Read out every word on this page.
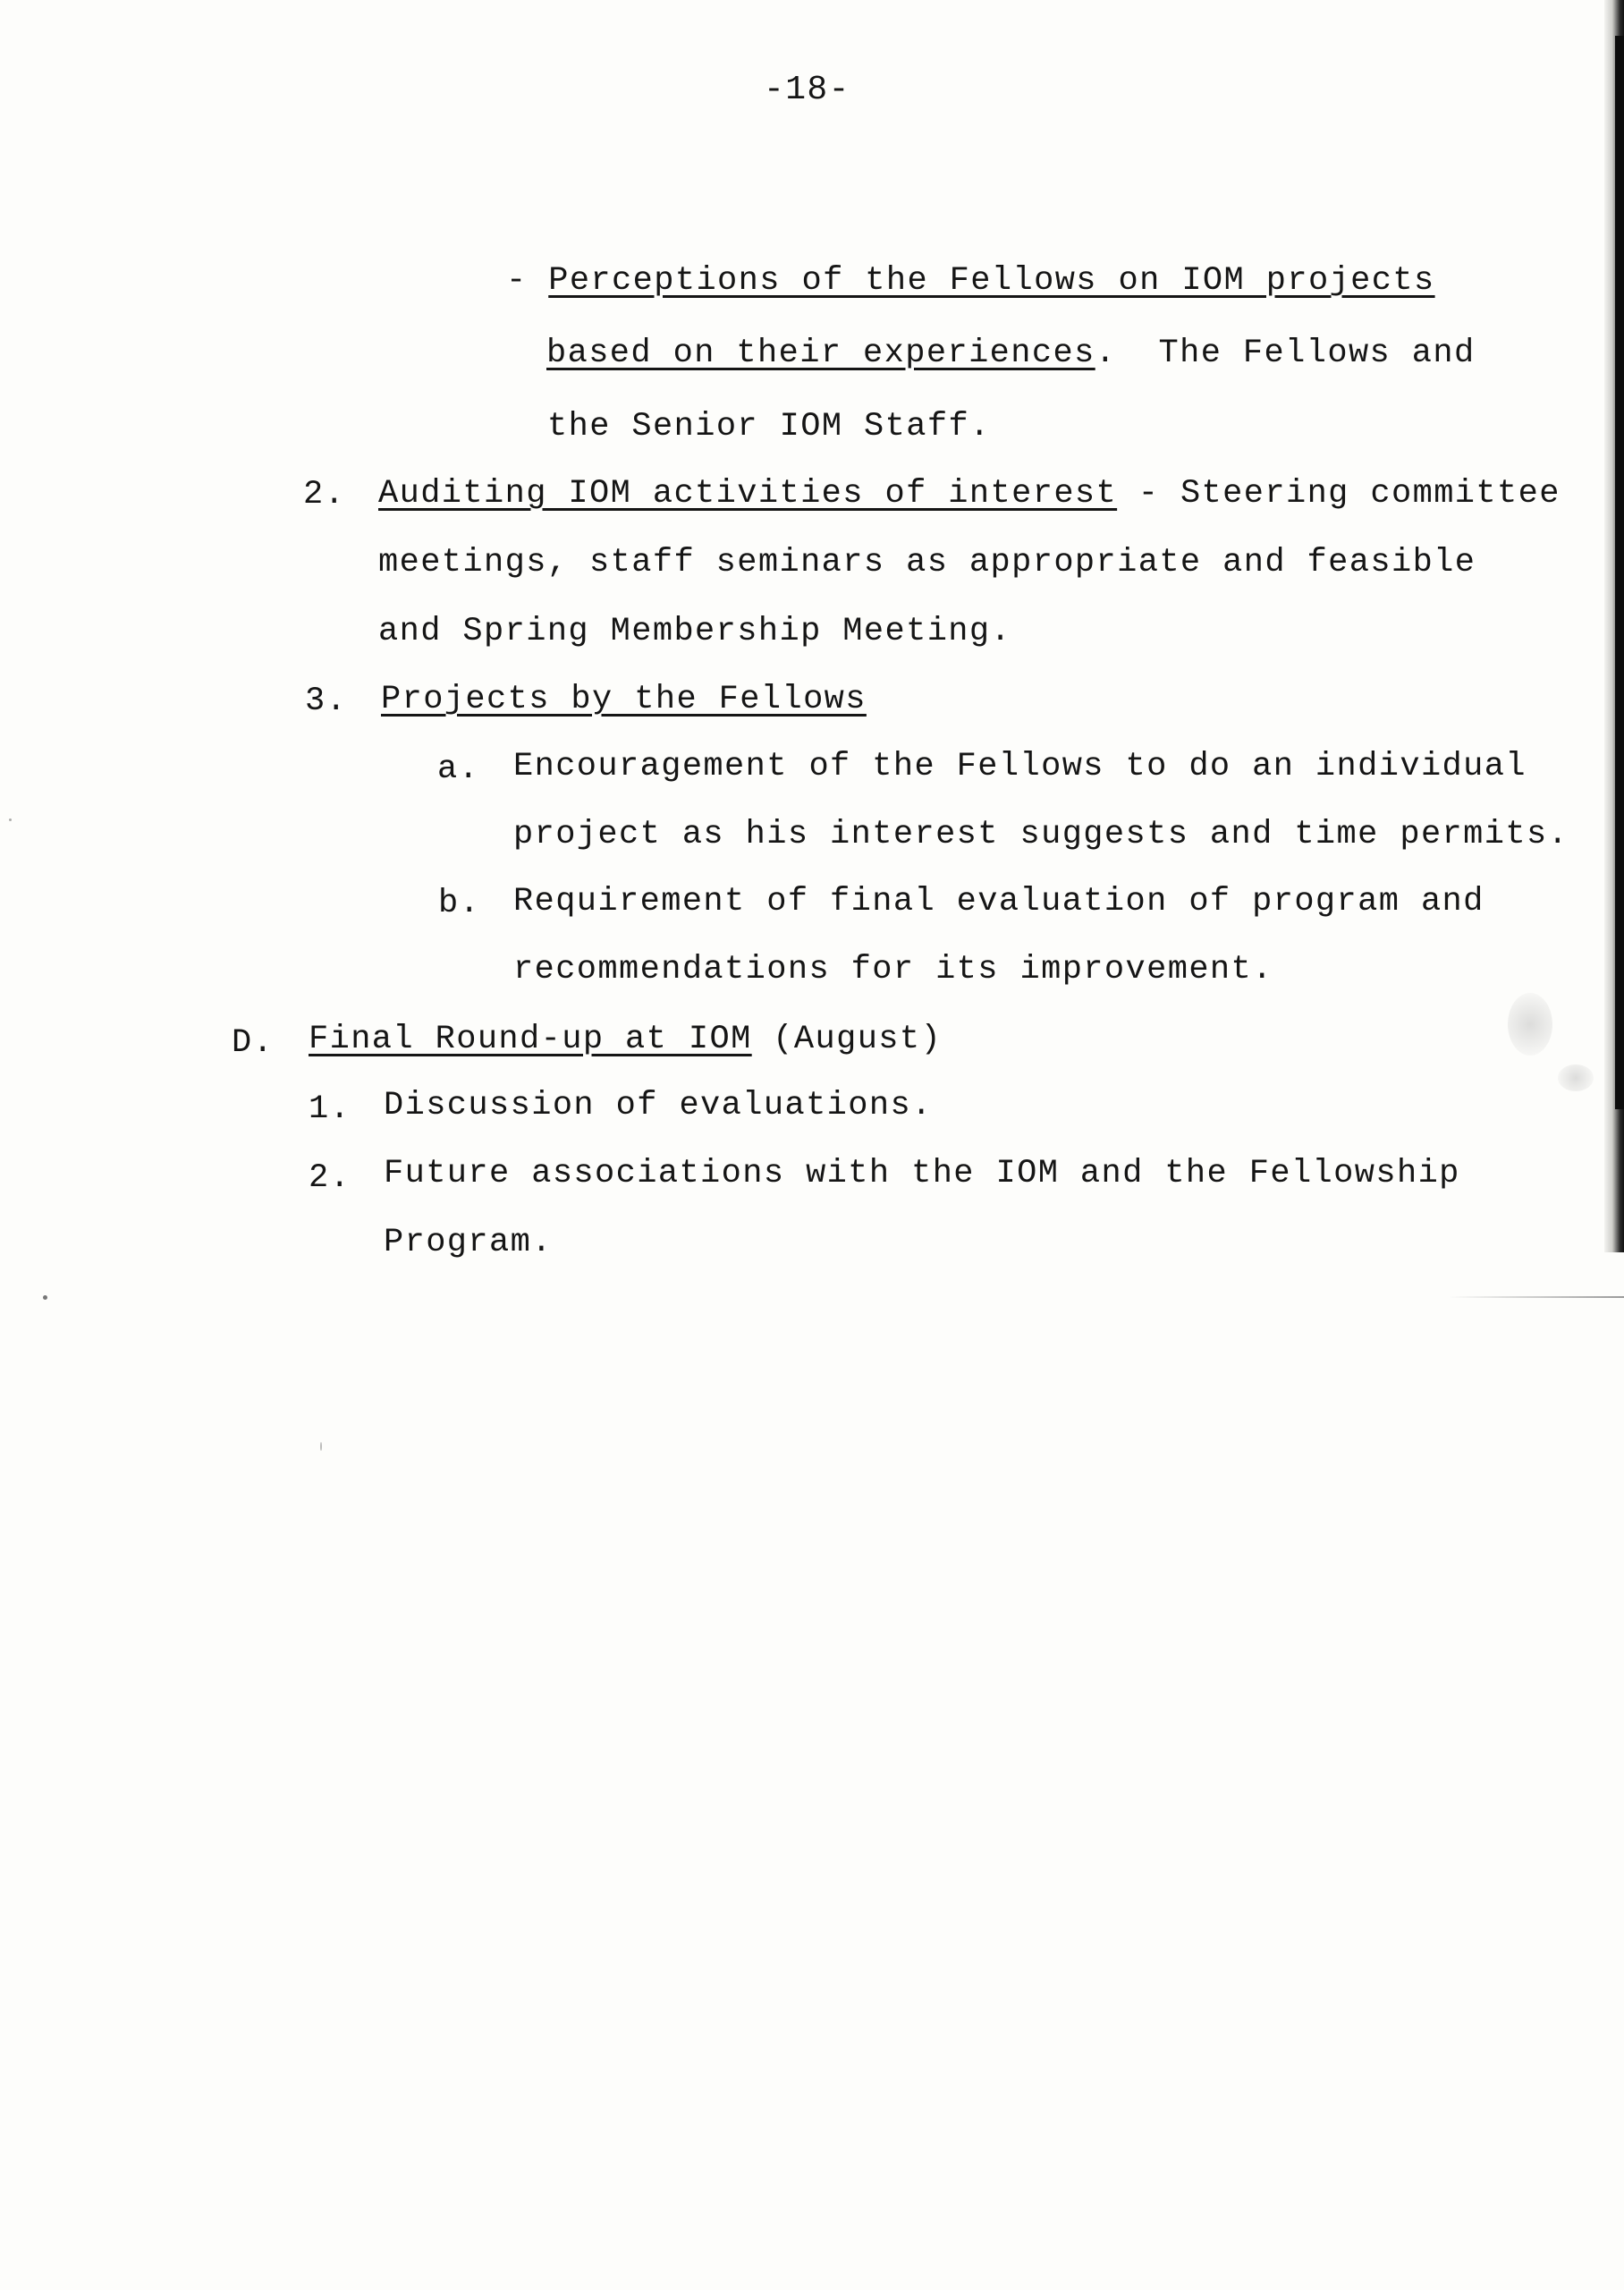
-18-

- Perceptions of the Fellows on IOM projects

based on their experiences.  The Fellows and

the Senior IOM Staff.

2. Auditing IOM activities of interest - Steering committee

meetings, staff seminars as appropriate and feasible

and Spring Membership Meeting.

3. Projects by the Fellows

a. Encouragement of the Fellows to do an individual

project as his interest suggests and time permits.

b. Requirement of final evaluation of program and

recommendations for its improvement.

D. Final Round-up at IOM (August)

1. Discussion of evaluations.

2. Future associations with the IOM and the Fellowship

Program.
